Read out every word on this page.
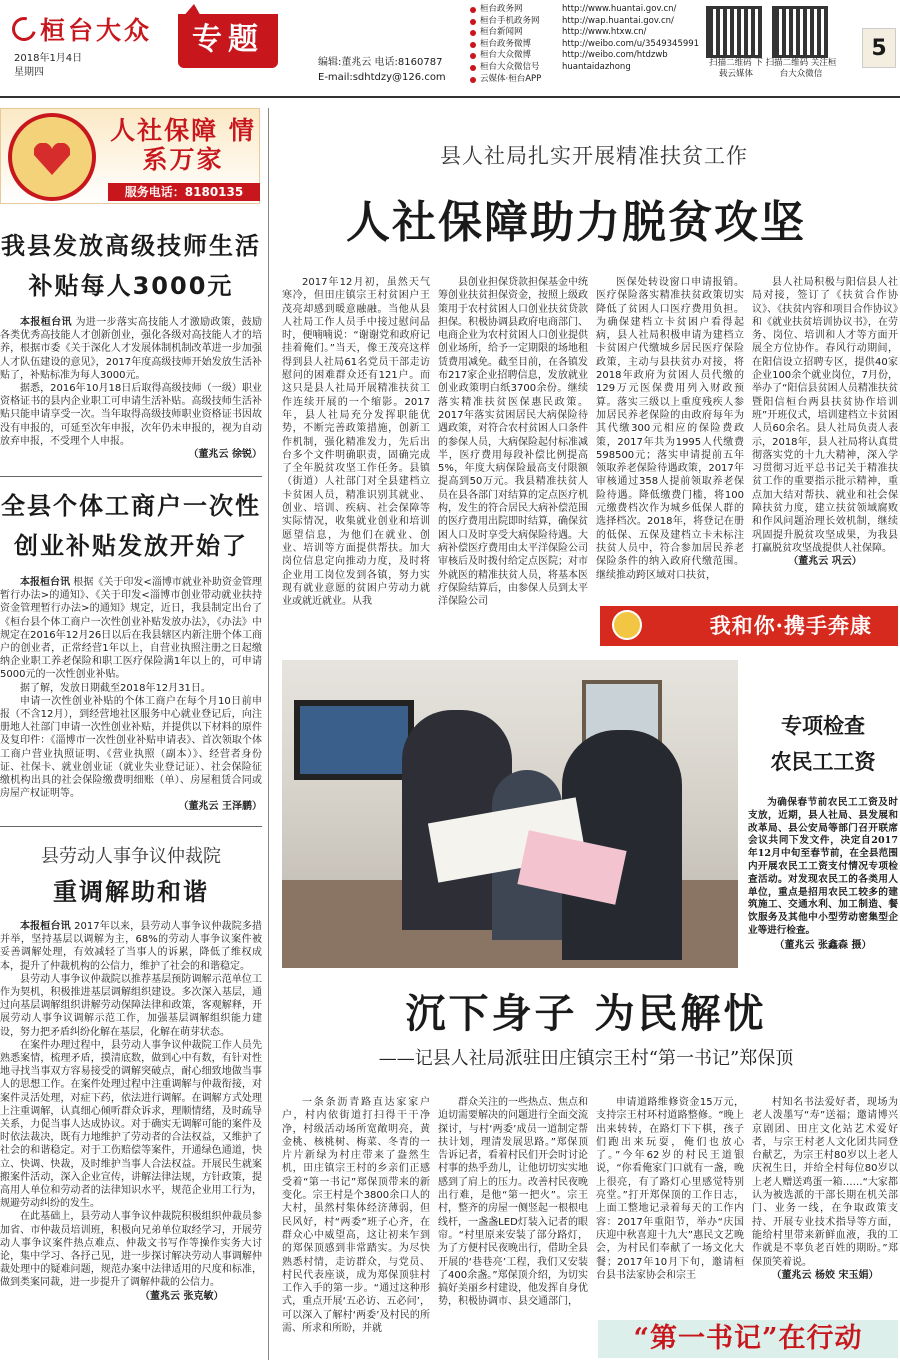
桓台大众
2018年1月4日
星期四
专题
编辑:董兆云 电话:8160787
E-mail:sdhtdzy@126.com
桓台政务网	http://www.huantai.gov.cn/
桓台手机政务网	http://wap.huantai.gov.cn/
桓台新闻网	http://www.htxw.cn/
桓台政务微博	http://weibo.com/u/3549345991
桓台大众微博	http://weibo.com/htdzwb
桓台大众微信号	huantaidazhong
云媒体·桓台APP
扫描二维码 下载云媒体
扫描二维码 关注桓台大众微信
5
人社保障 情系万家
服务电话：8180135
我县发放高级技师生活补贴每人3000元

本报桓台讯 为进一步落实高技能人才激励政策，鼓励各类优秀高技能人才创新创业，强化各级对高技能人才的培养，根据市委《关于深化人才发展体制机制改革进一步加强人才队伍建设的意见》，2017年度高级技师开始发放生活补贴了，补贴标准为每人3000元。

据悉，2016年10月18日后取得高级技师（一级）职业资格证书的县内企业职工可申请生活补贴。高级技师生活补贴只能申请享受一次。当年取得高级技师职业资格证书因故没有申报的，可延至次年申报，次年仍未申报的，视为自动放弃申报，不受理个人申报。

（董兆云 徐锐）
全县个体工商户一次性创业补贴发放开始了

本报桓台讯 根据《关于印发<淄博市就业补助资金管理暂行办法>的通知》、《关于印发<淄博市创业带动就业扶持资金管理暂行办法>的通知》规定，近日，我县制定出台了《桓台县个体工商户一次性创业补贴发放办法》，《办法》中规定在2016年12月26日以后在我县辖区内新注册个体工商户的创业者，正常经营1年以上，自营业执照注册之日起缴纳企业职工养老保险和职工医疗保险满1年以上的，可申请5000元的一次性创业补贴。

据了解，发放日期截至2018年12月31日。

申请一次性创业补贴的个体工商户在每个月10日前申报（不含12月），到经营地社区服务中心就业登记后，向注册地人社部门申请一次性创业补贴，并提供以下材料的原件及复印件：《淄博市一次性创业补贴申请表》、首次领取个体工商户营业执照证明、《营业执照（副本）》、经营者身份证、社保卡、就业创业证（就业失业登记证）、社会保险征缴机构出具的社会保险缴费明细账（单）、房屋租赁合同或房屋产权证明等。

（董兆云 王泽鹏）
县劳动人事争议仲裁院
重调解助和谐

本报桓台讯 2017年以来，县劳动人事争议仲裁院多措并举，坚持基层以调解为主，68%的劳动人事争议案件被妥善调解处理，有效减轻了当事人的诉累，降低了维权成本，提升了仲裁机构的公信力，维护了社会的和谐稳定。

县劳动人事争议仲裁院以推荐基层预防调解示范单位工作为契机，积极推进基层调解组织建设。多次深入基层，通过向基层调解组织讲解劳动保障法律和政策，客观解释，开展劳动人事争议调解示范工作，加强基层调解组织能力建设，努力把矛盾纠纷化解在基层，化解在萌芽状态。

在案件办理过程中，县劳动人事争议仲裁院工作人员先熟悉案情，梳理矛盾，摸清底数，做到心中有数，有针对性地寻找当事双方容易接受的调解突破点，耐心细致地做当事人的思想工作。在案件处理过程中注重调解与仲裁衔接，对案件灵活处理，对症下药，依法进行调解。在调解方式处理上注重调解，认真细心倾听群众诉求，理顺情绪，及时疏导关系，力促当事人达成协议。对于确实无调解可能的案件及时依法裁决，既有力地维护了劳动者的合法权益，又维护了社会的和谐稳定。对于工伤赔偿等案件，开通绿色通道，快立、快调、快裁，及时维护当事人合法权益。开展民生就案搬案件活动，深入企业宣传，讲解法律法规，方针政策，提高用人单位和劳动者的法律知识水平，规范企业用工行为，规避劳动纠纷的发生。

在此基础上，县劳动人事争议仲裁院积极组织仲裁员参加省、市仲裁员培训班，积极向兄弟单位取经学习，开展劳动人事争议案件热点难点、仲裁文书写作等操作实务大讨论，集中学习、各抒己见，进一步探讨解决劳动人事调解仲裁处理中的疑难问题，规范办案中法律适用的尺度和标准，做到类案同裁，进一步提升了调解仲裁的公信力。

（董兆云 张克敏）
县人社局扎实开展精准扶贫工作
人社保障助力脱贫攻坚

2017年12月初，虽然天气寒冷，但田庄镇宗王村贫困户王茂亮却感到暖意融融。当他从县人社局工作人员手中接过慰问品时，便喃喃说：“谢谢党和政府记挂着俺们。”当天，像王茂亮这样得到县人社局61名党员干部走访慰问的困难群众还有121户。而这只是县人社局开展精准扶贫工作连续开展的一个缩影。2017年，县人社局充分发挥职能优势，不断完善政策措施，创新工作机制，强化精准发力，先后出台多个文件明确职责，固确完成了全年脱贫攻坚工作任务。县镇（街道）人社部门对全县建档立卡贫困人员，精准识别其就业、创业、培训、疾病、社会保障等实际情况，收集就业创业和培训愿望信息，为他们在就业、创业、培训等方面提供帮扶。加大岗位信息定向推动力度，及时将企业用工岗位发到各镇，努力实现有就业意愿的贫困户劳动力就业或就近就业。从我

县创业担保贷款担保基金中统筹创业扶贫担保资金，按照上级政策用于农村贫困人口创业扶贫贷款担保。积极协调县政府电商部门、电商企业为农村贫困人口创业提供创业场所，给予一定期限的场地租赁费用减免。截至目前，在各镇发布217家企业招聘信息，发放就业创业政策明白纸3700余份。继续落实精准扶贫医保惠民政策。2017年落实贫困居民大病保险待遇政策，对符合农村贫困人口条件的参保人员，大病保险起付标准减半，医疗费用每段补偿比例提高5%，年度大病保险最高支付限额提高到50万元。我县精准扶贫人员在县各部门对结算的定点医疗机构，发生的符合居民大病补偿范围的医疗费用出院即时结算，确保贫困人口及时享受大病保险待遇。大病补偿医疗费用由太平洋保险公司审核后及时拨付给定点医院；对市外就医的精准扶贫人员，将基本医疗保险结算后，由参保人员到太平洋保险公司

医保处转设窗口申请报销。医疗保险落实精准扶贫政策切实降低了贫困人口医疗费用负担。为确保建档立卡贫困户看得起病，县人社局积极申请为建档立卡贫困户代缴城乡居民医疗保险政策，主动与县扶贫办对接，将2018年政府为贫困人员代缴的129万元医保费用列入财政预算。落实三级以上重度残疾人参加居民养老保险的由政府每年为其代缴300元相应的保险费政策，2017年共为1995人代缴费598500元；落实申请提前五年领取养老保险待遇政策，2017年审核通过358人提前领取养老保险待遇。降低缴费门槛，将100元缴费档次作为城乡低保人群的选择档次。2018年，将登记在册的低保、五保及建档立卡未标注扶贫人员中，符合参加居民养老保险条件的纳入政府代缴范围。继续推动跨区域对口扶贫，

县人社局积极与阳信县人社局对接，签订了《扶贫合作协议》、《扶贫内容和项目合作协议》和《就业扶贫培训协议书》，在劳务、岗位、培训和人才等方面开展全方位协作。春风行动期间，在阳信设立招聘专区，提供40家企业100余个就业岗位，7月份，举办了“阳信县贫困人员精准扶贫暨阳信桓台两县扶贫协作培训班”开班仪式，培训建档立卡贫困人员60余名。县人社局负责人表示，2018年，县人社局将认真贯彻落实党的十九大精神，深入学习贯彻习近平总书记关于精准扶贫工作的重要指示批示精神，重点加大结对帮扶、就业和社会保障扶贫力度，建立扶贫领域腐败和作风问题治理长效机制，继续巩固提升脱贫攻坚成果，为我县打赢脱贫攻坚战提供人社保障。

（董兆云 巩云）
我和你·携手奔康
专项检查
农民工工资

为确保春节前农民工工资及时支放，近期，县人社局、县发展和改革局、县公安局等部门召开联席会议共同下发文件，决定自2017年12月中旬至春节前，在全县范围内开展农民工工资支付情况专项检查活动。对发现农民工的各类用人单位，重点是招用农民工较多的建筑施工、交通水利、加工制造、餐饮服务及其他中小型劳动密集型企业等进行检查。

（董兆云 张鑫森 摄）
沉下身子 为民解忧
——记县人社局派驻田庄镇宗王村“第一书记”郑保顶

一条条沥青路直达家家户户，村内依街道打扫得干干净净，村级活动场所宽敞明亮，黄金桃、核桃树、梅菜、冬青的一片片新绿为村庄带来了盎然生机，田庄镇宗王村的乡亲们正感受着“第一书记”郑保顶带来的新变化。宗王村是个3800余口人的大村，虽然村集体经济薄弱，但民风好，村“两委”班子心齐，在群众心中威望高，这让初来乍到的郑保顶感到非常踏实。为尽快熟悉村情，走访群众，与党员、村民代表座谈，成为郑保顶驻村工作入手的第一步。“通过这种形式，重点开展‘五必访、五必问’，可以深入了解村‘两委’及村民的所需、所求和所盼，并就

群众关注的一些热点、焦点和迫切需要解决的问题进行全面交流探讨，与村‘两委’成员一道制定帮扶计划，理清发展思路。”郑保顶告诉记者，看着村民们开会时讨论村事的热乎劲儿，让他切切实实地感到了肩上的压力。改善村民夜晚出行难，是他“第一把火”。宗王村，整齐的房屋一侧竖起一根根电线杆，一盏盏LED灯装入记者的眼帘。“村里原来安装了部分路灯，为了方便村民夜晚出行，借助全县开展的‘巷巷亮’工程，我们又安装了400余盏。”郑保顶介绍，为切实搞好美丽乡村建设，他发挥自身优势，积极协调市、县交通部门，

申请道路维修资金15万元，支持宗王村环村道路整修。“晚上出来转转，在路灯下下棋，孩子们跑出来玩耍，俺们也放心了。”今年62岁的村民王道银说，“你看俺家门口就有一盏，晚上很亮，有了路灯心里感觉特别亮堂。”打开郑保顶的工作日志，上面工整地记录着每天的工作内容：2017年重阳节，举办“庆国庆迎中秋喜迎十九大”惠民文艺晚会，为村民们奉献了一场文化大餐；2017年10月下旬，邀请桓台县书法家协会和宗王

村知名书法爱好者，现场为老人泼墨写“寿”送福；邀请博兴京剧团、田庄文化站艺术爱好者，与宗王村老人文化团共同登台献艺，为宗王村80岁以上老人庆祝生日，并给全村每位80岁以上老人赠送鸡蛋一箱……“大家都认为被选派的干部长期在机关部门、业务一线，在争取政策支持、开展专业技术指导等方面，能给村里带来新鲜血液，我的工作就是不辜负老百姓的期盼。”郑保顶笑着说。

（董兆云 杨姣 宋玉娟）
“第一书记”在行动
